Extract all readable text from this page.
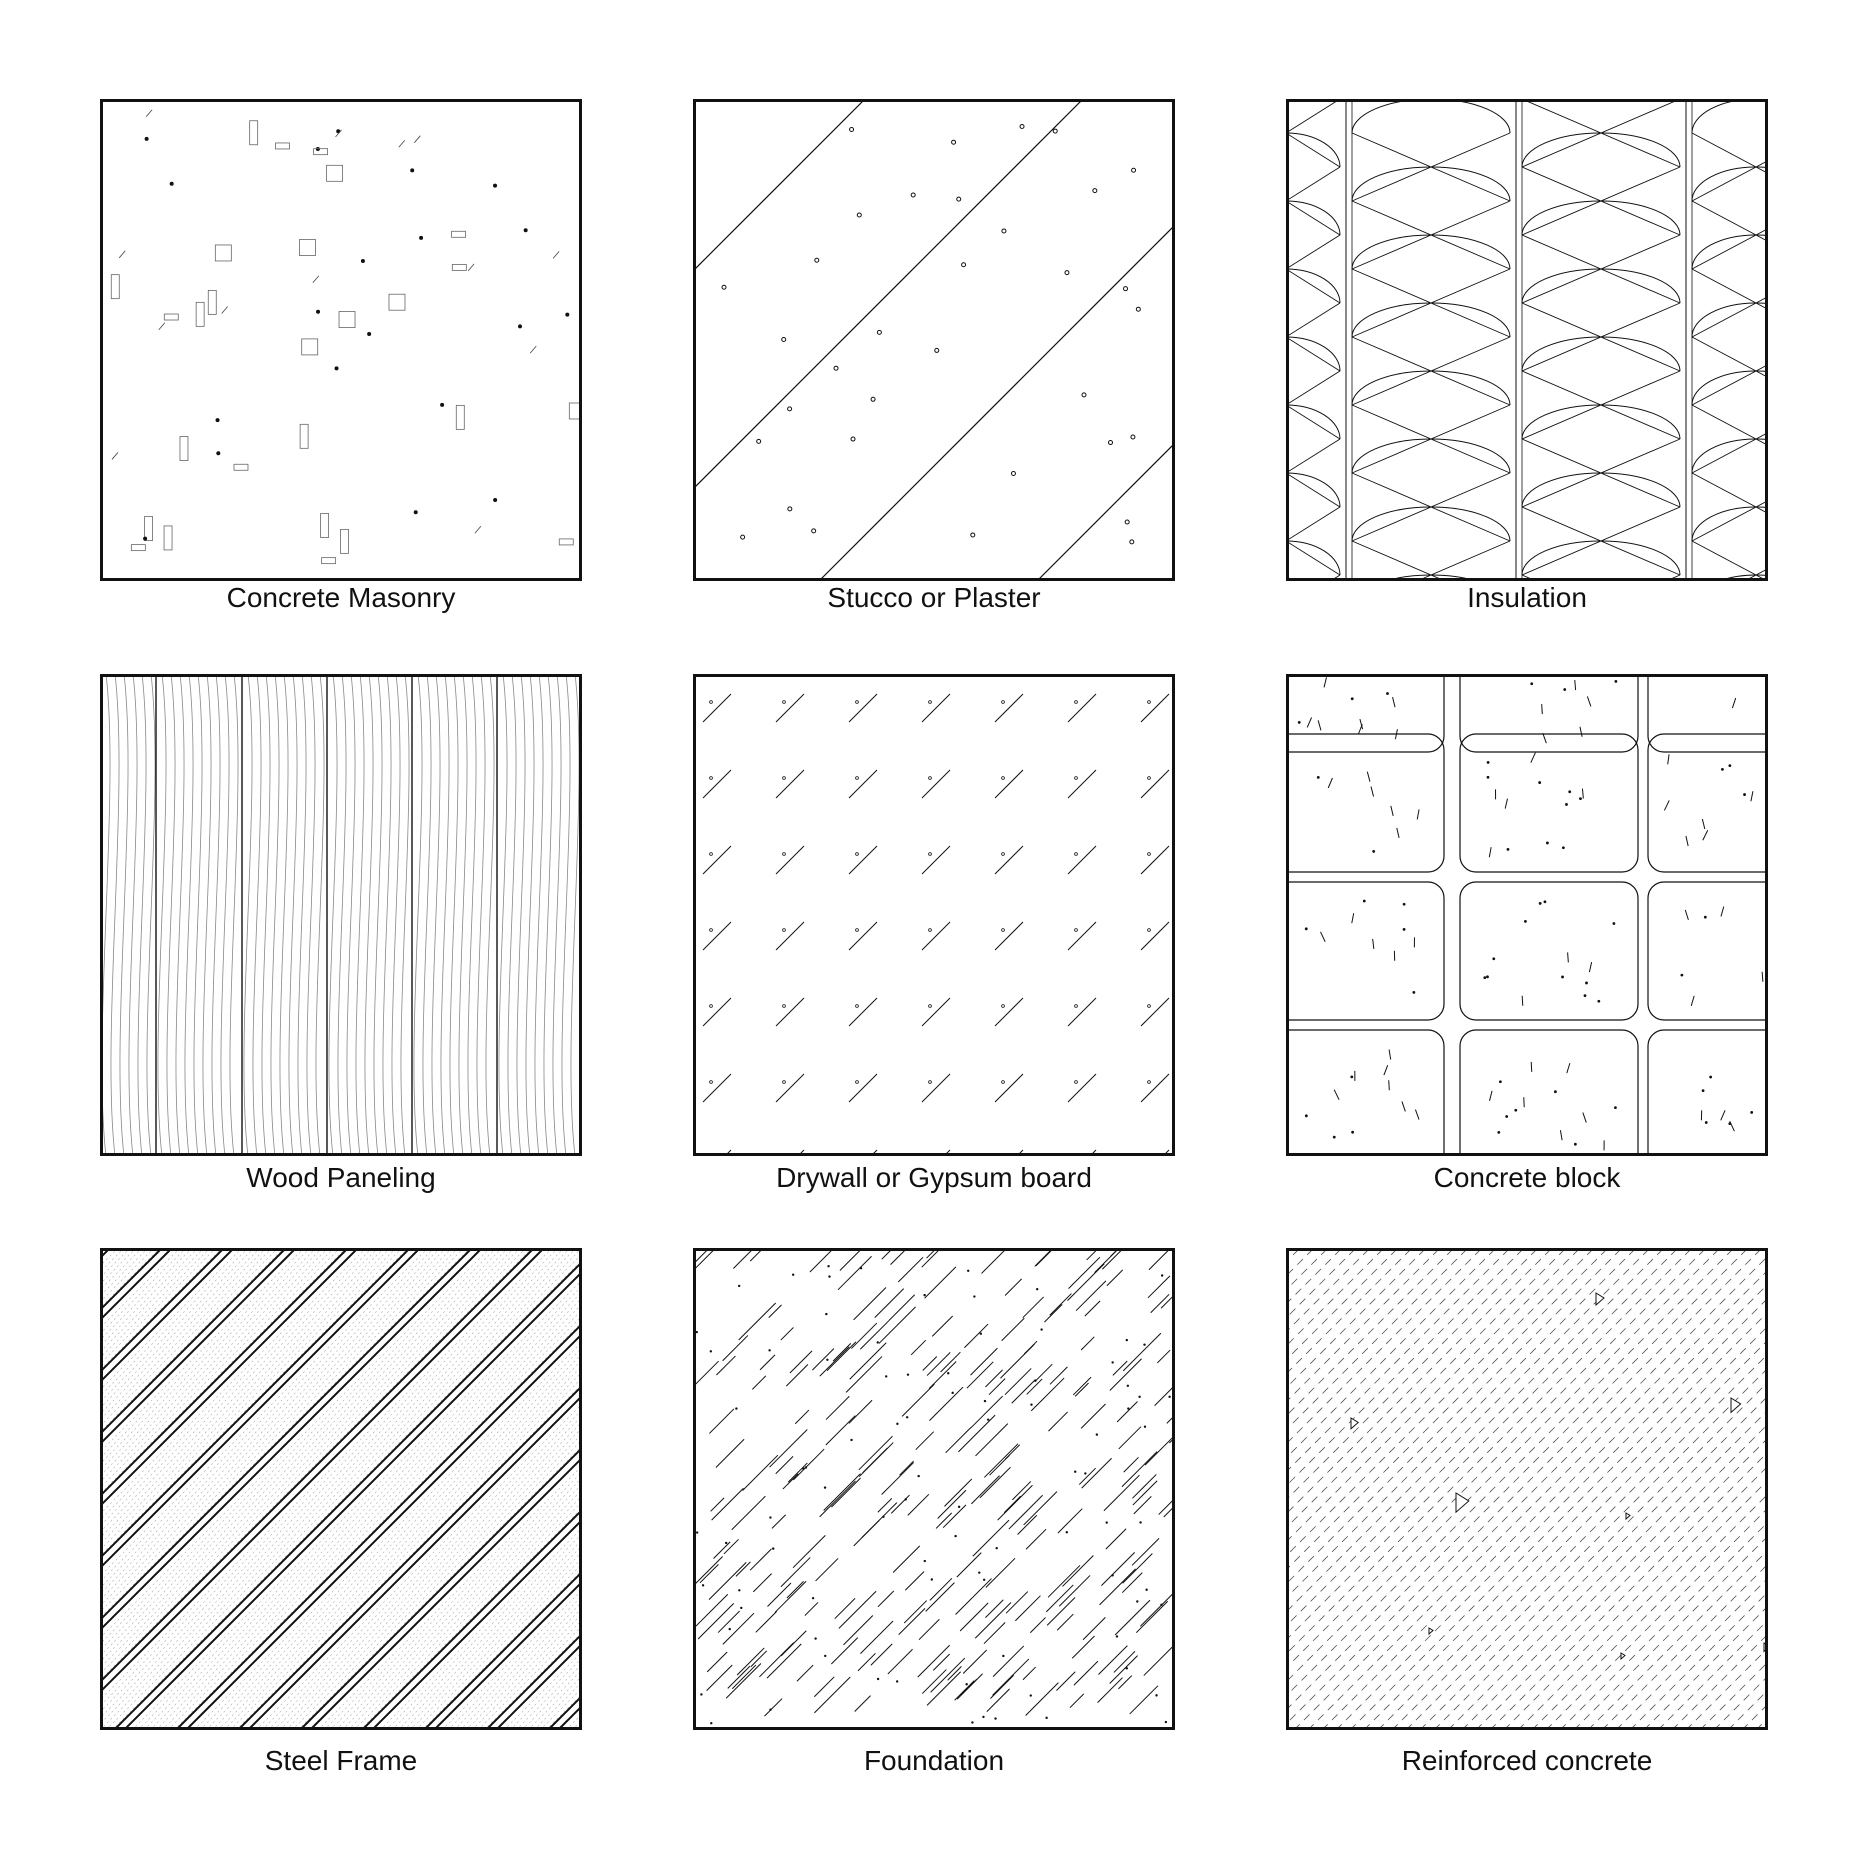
Concrete Masonry	Stucco or Plaster	Insulation
Wood Paneling	Drywall or Gypsum board	Concrete block
Steel Frame	Foundation	Reinforced concrete
